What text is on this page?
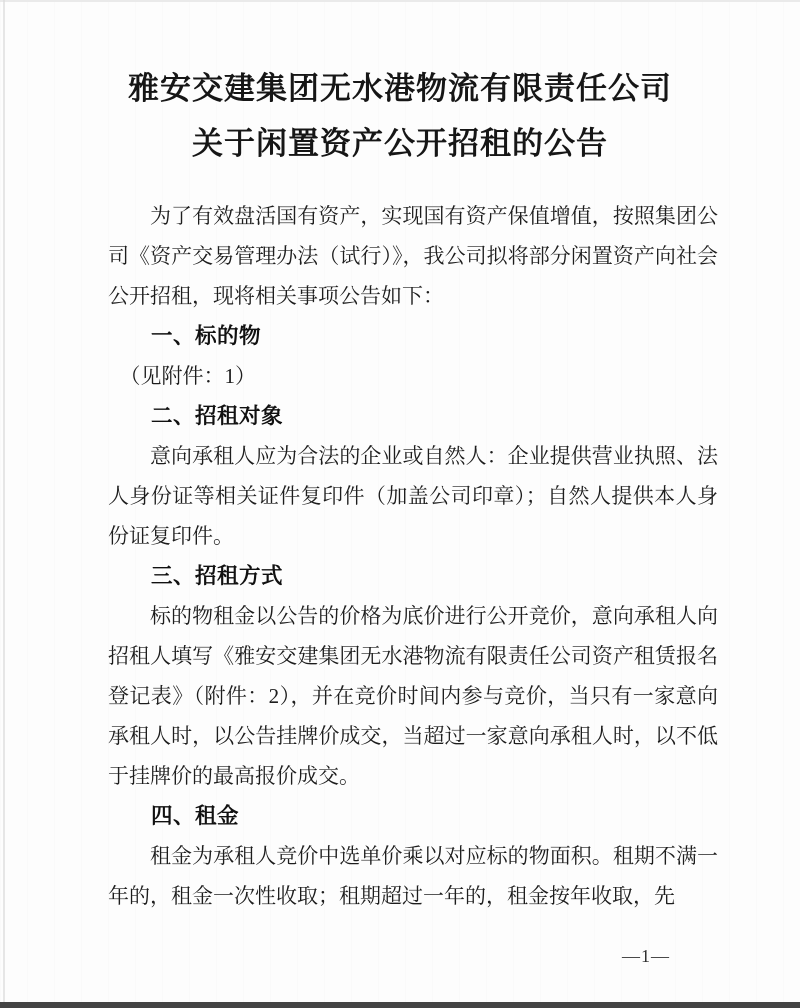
雅安交建集团无水港物流有限责任公司
关于闲置资产公开招租的公告

为了有效盘活国有资产，实现国有资产保值增值，按照集团公司《资产交易管理办法（试行）》，我公司拟将部分闲置资产向社会公开招租，现将相关事项公告如下：

一、标的物

（见附件：1）

二、招租对象

意向承租人应为合法的企业或自然人：企业提供营业执照、法人身份证等相关证件复印件（加盖公司印章）；自然人提供本人身份证复印件。

三、招租方式

标的物租金以公告的价格为底价进行公开竞价，意向承租人向招租人填写《雅安交建集团无水港物流有限责任公司资产租赁报名登记表》（附件：2），并在竞价时间内参与竞价，当只有一家意向承租人时，以公告挂牌价成交，当超过一家意向承租人时，以不低于挂牌价的最高报价成交。

四、租金

租金为承租人竞价中选单价乘以对应标的物面积。租期不满一年的，租金一次性收取；租期超过一年的，租金按年收取，先

—1—
